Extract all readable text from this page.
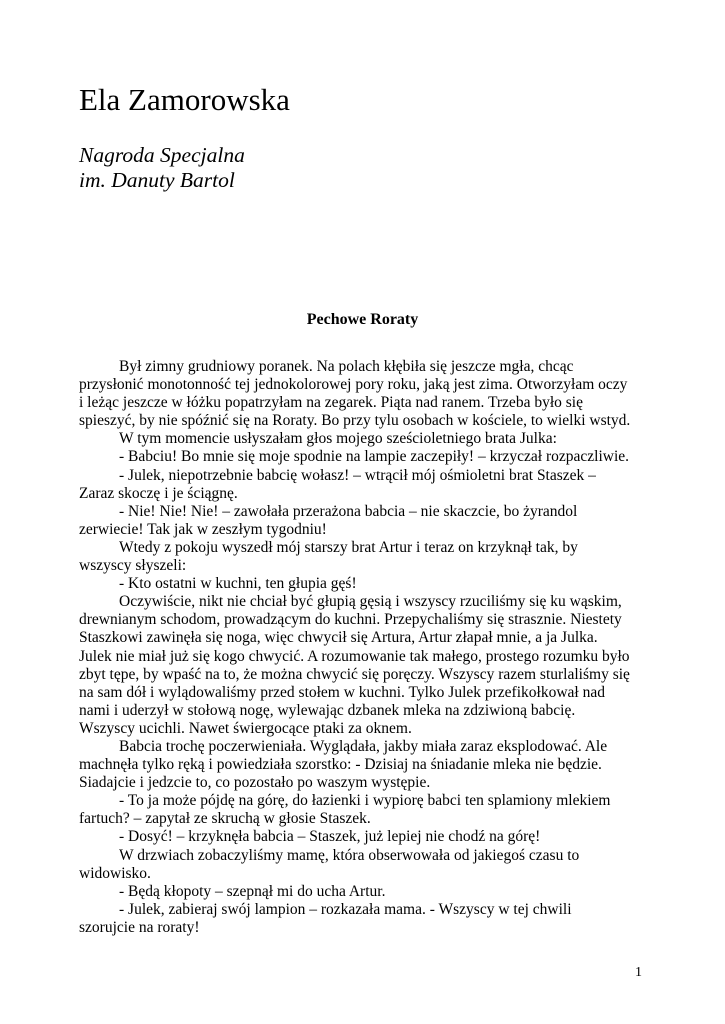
Ela Zamorowska
Nagroda Specjalna
im. Danuty Bartol
Pechowe Roraty
Był zimny grudniowy poranek. Na polach kłębiła się jeszcze mgła, chcąc
przysłonić monotonność tej jednokolorowej pory roku, jaką jest zima. Otworzyłam oczy
i leżąc jeszcze w łóżku popatrzyłam na zegarek. Piąta nad ranem. Trzeba było się
spieszyć, by nie spóźnić się na Roraty. Bo przy tylu osobach w kościele, to wielki wstyd.
W tym momencie usłyszałam głos mojego sześcioletniego brata Julka:
- Babciu! Bo mnie się moje spodnie na lampie zaczepiły! – krzyczał rozpaczliwie.
- Julek, niepotrzebnie babcię wołasz! – wtrącił mój ośmioletni brat Staszek –
Zaraz skoczę i je ściągnę.
- Nie! Nie! Nie! – zawołała przerażona babcia – nie skaczcie, bo żyrandol
zerwiecie! Tak jak w zeszłym tygodniu!
Wtedy z pokoju wyszedł mój starszy brat Artur i teraz on krzyknął tak, by
wszyscy słyszeli:
- Kto ostatni w kuchni, ten głupia gęś!
Oczywiście, nikt nie chciał być głupią gęsią i wszyscy rzuciliśmy się ku wąskim,
drewnianym schodom, prowadzącym do kuchni. Przepychaliśmy się strasznie. Niestety
Staszkowi zawinęła się noga, więc chwycił się Artura, Artur złapał mnie, a ja Julka.
Julek nie miał już się kogo chwycić. A rozumowanie tak małego, prostego rozumku było
zbyt tępe, by wpaść na to, że można chwycić się poręczy. Wszyscy razem sturlaliśmy się
na sam dół i wylądowaliśmy przed stołem w kuchni. Tylko Julek przefikołkował nad
nami i uderzył w stołową nogę, wylewając dzbanek mleka na zdziwioną babcię.
Wszyscy ucichli. Nawet świergocące ptaki za oknem.
Babcia trochę poczerwieniała. Wyglądała, jakby miała zaraz eksplodować. Ale
machnęła tylko ręką i powiedziała szorstko: - Dzisiaj na śniadanie mleka nie będzie.
Siadajcie i jedzcie to, co pozostało po waszym występie.
- To ja może pójdę na górę, do łazienki i wypiorę babci ten splamiony mlekiem
fartuch? – zapytał ze skruchą w głosie Staszek.
- Dosyć! – krzyknęła babcia – Staszek, już lepiej nie chodź na górę!
W drzwiach zobaczyliśmy mamę, która obserwowała od jakiegoś czasu to
widowisko.
- Będą kłopoty – szepnął mi do ucha Artur.
- Julek, zabieraj swój lampion – rozkazała mama. - Wszyscy w tej chwili
szorujcie na roraty!
1
